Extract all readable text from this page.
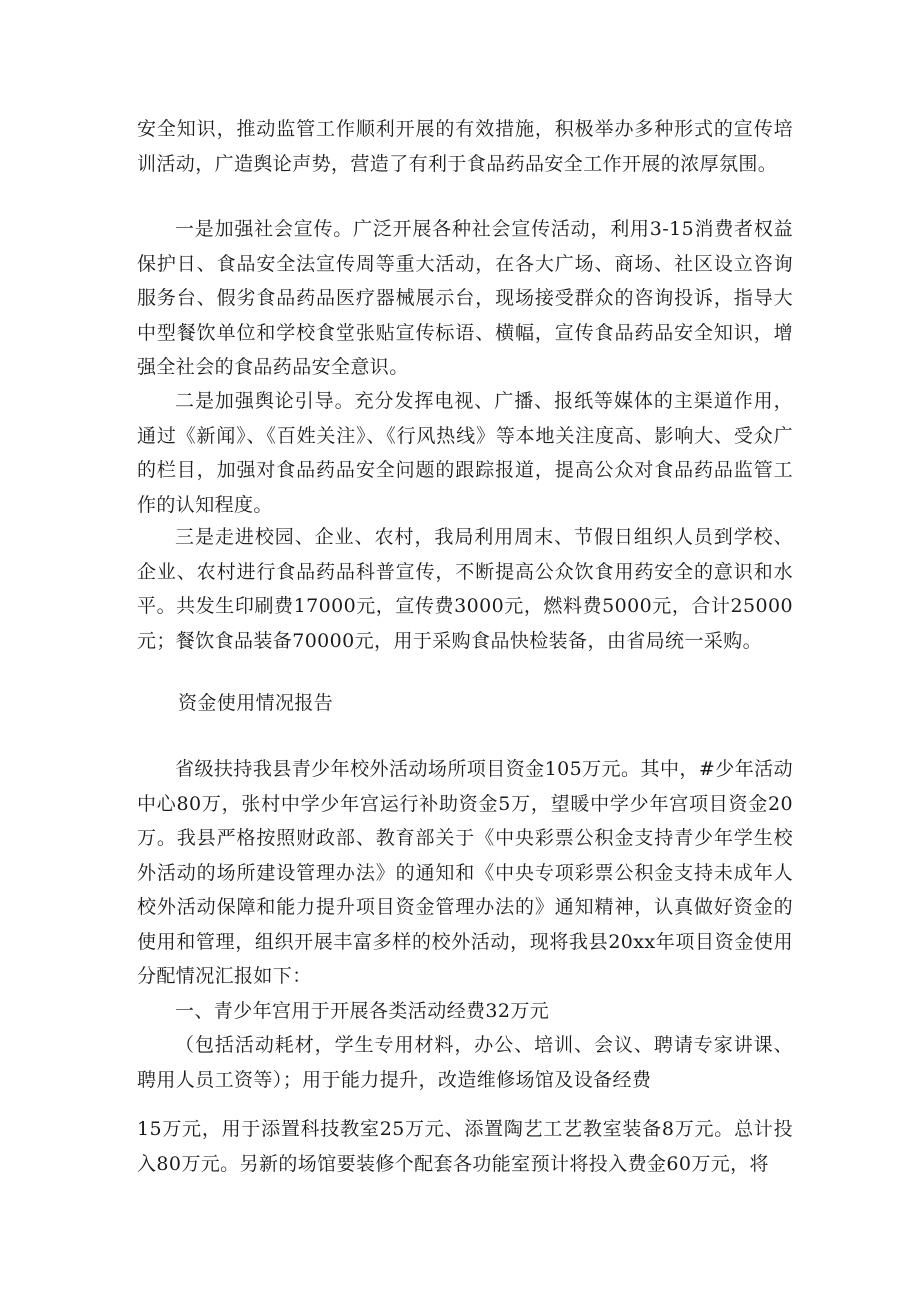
安全知识，推动监管工作顺利开展的有效措施，积极举办多种形式的宣传培训活动，广造舆论声势，营造了有利于食品药品安全工作开展的浓厚氛围。

一是加强社会宣传。广泛开展各种社会宣传活动，利用3-15消费者权益保护日、食品安全法宣传周等重大活动，在各大广场、商场、社区设立咨询服务台、假劣食品药品医疗器械展示台，现场接受群众的咨询投诉，指导大中型餐饮单位和学校食堂张贴宣传标语、横幅，宣传食品药品安全知识，增强全社会的食品药品安全意识。

二是加强舆论引导。充分发挥电视、广播、报纸等媒体的主渠道作用，通过《新闻》、《百姓关注》、《行风热线》等本地关注度高、影响大、受众广的栏目，加强对食品药品安全问题的跟踪报道，提高公众对食品药品监管工作的认知程度。

三是走进校园、企业、农村，我局利用周末、节假日组织人员到学校、企业、农村进行食品药品科普宣传，不断提高公众饮食用药安全的意识和水平。共发生印刷费17000元，宣传费3000元，燃料费5000元，合计25000元；餐饮食品装备70000元，用于采购食品快检装备，由省局统一采购。

资金使用情况报告

省级扶持我县青少年校外活动场所项目资金105万元。其中，#少年活动中心80万，张村中学少年宫运行补助资金5万，望暖中学少年宫项目资金20万。我县严格按照财政部、教育部关于《中央彩票公积金支持青少年学生校外活动的场所建设管理办法》的通知和《中央专项彩票公积金支持未成年人校外活动保障和能力提升项目资金管理办法的》通知精神，认真做好资金的使用和管理，组织开展丰富多样的校外活动，现将我县20xx年项目资金使用分配情况汇报如下：

一、青少年宫用于开展各类活动经费32万元

（包括活动耗材，学生专用材料，办公、培训、会议、聘请专家讲课、聘用人员工资等）；用于能力提升，改造维修场馆及设备经费

15万元，用于添置科技教室25万元、添置陶艺工艺教室装备8万元。总计投入80万元。另新的场馆要装修个配套各功能室预计将投入费金60万元，将
